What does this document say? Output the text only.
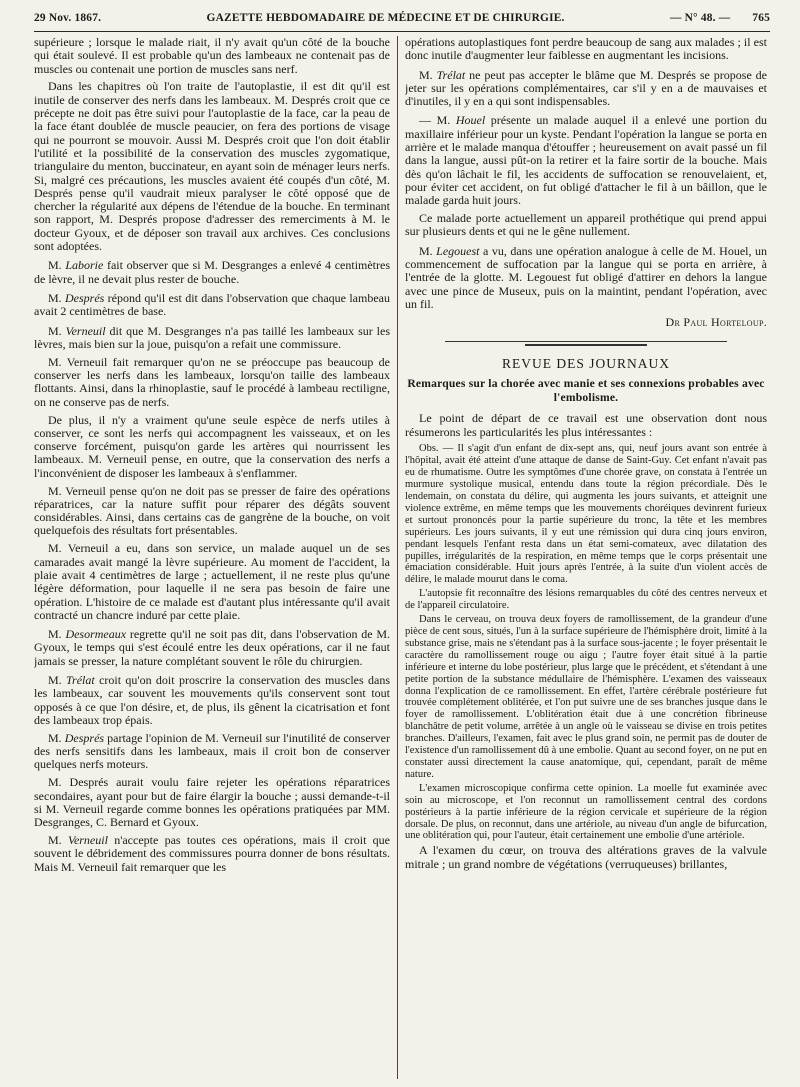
29 Nov. 1867.	GAZETTE HEBDOMADAIRE DE MÉDECINE ET DE CHIRURGIE.	— N° 48. — 765

supérieure ; lorsque le malade riait, il n'y avait qu'un côté de la bouche qui était soulevé. Il est probable qu'un des lambeaux ne contenait pas de muscles ou contenait une portion de muscles sans nerf.

Dans les chapitres où l'on traite de l'autoplastie, il est dit qu'il est inutile de conserver des nerfs dans les lambeaux. M. Després croit que ce précepte ne doit pas être suivi pour l'autoplastie de la face, car la peau de la face étant doublée de muscle peaucier, on fera des portions de visage qui ne pourront se mouvoir. Aussi M. Després croit que l'on doit établir l'utilité et la possibilité de la conservation des muscles zygomatique, triangulaire du menton, buccinateur, en ayant soin de ménager leurs nerfs. Si, malgré ces précautions, les muscles avaient été coupés d'un côté, M. Després pense qu'il vaudrait mieux paralyser le côté opposé que de chercher la régularité aux dépens de l'étendue de la bouche. En terminant son rapport, M. Després propose d'adresser des remerciments à M. le docteur Gyoux, et de déposer son travail aux archives. Ces conclusions sont adoptées.

M. Laborie fait observer que si M. Desgranges a enlevé 4 centimètres de lèvre, il ne devait plus rester de bouche.

M. Després répond qu'il est dit dans l'observation que chaque lambeau avait 2 centimètres de base.

M. Verneuil dit que M. Desgranges n'a pas taillé les lambeaux sur les lèvres, mais bien sur la joue, puisqu'on a refait une commissure.

M. Verneuil fait remarquer qu'on ne se préoccupe pas beaucoup de conserver les nerfs dans les lambeaux, lorsqu'on taille des lambeaux flottants. Ainsi, dans la rhinoplastie, sauf le procédé à lambeau rectiligne, on ne conserve pas de nerfs.

De plus, il n'y a vraiment qu'une seule espèce de nerfs utiles à conserver, ce sont les nerfs qui accompagnent les vaisseaux, et on les conserve forcément, puisqu'on garde les artères qui nourrissent les lambeaux. M. Verneuil pense, en outre, que la conservation des nerfs a l'inconvénient de disposer les lambeaux à s'enflammer.

M. Verneuil pense qu'on ne doit pas se presser de faire des opérations réparatrices, car la nature suffit pour réparer des dégâts souvent considérables. Ainsi, dans certains cas de gangrène de la bouche, on voit quelquefois des résultats fort présentables.

M. Verneuil a eu, dans son service, un malade auquel un de ses camarades avait mangé la lèvre supérieure. Au moment de l'accident, la plaie avait 4 centimètres de large ; actuellement, il ne reste plus qu'une légère déformation, pour laquelle il ne sera pas besoin de faire une opération. L'histoire de ce malade est d'autant plus intéressante qu'il avait contracté un chancre induré par cette plaie.

M. Desormeaux regrette qu'il ne soit pas dit, dans l'observation de M. Gyoux, le temps qui s'est écoulé entre les deux opérations, car il ne faut jamais se presser, la nature complétant souvent le rôle du chirurgien.

M. Trélat croit qu'on doit proscrire la conservation des muscles dans les lambeaux, car souvent les mouvements qu'ils conservent sont tout opposés à ce que l'on désire, et, de plus, ils gênent la cicatrisation et font des lambeaux trop épais.

M. Després partage l'opinion de M. Verneuil sur l'inutilité de conserver des nerfs sensitifs dans les lambeaux, mais il croit bon de conserver quelques nerfs moteurs.

M. Després aurait voulu faire rejeter les opérations réparatrices secondaires, ayant pour but de faire élargir la bouche ; aussi demande-t-il si M. Verneuil regarde comme bonnes les opérations pratiquées par MM. Desgranges, C. Bernard et Gyoux.

M. Verneuil n'accepte pas toutes ces opérations, mais il croit que souvent le débridement des commissures pourra donner de bons résultats. Mais M. Verneuil fait remarquer que les

opérations autoplastiques font perdre beaucoup de sang aux malades ; il est donc inutile d'augmenter leur faiblesse en augmentant les incisions.

M. Trélat ne peut pas accepter le blâme que M. Després se propose de jeter sur les opérations complémentaires, car s'il y en a de mauvaises et d'inutiles, il y en a qui sont indispensables.

— M. Houel présente un malade auquel il a enlevé une portion du maxillaire inférieur pour un kyste. Pendant l'opération la langue se porta en arrière et le malade manqua d'étouffer ; heureusement on avait passé un fil dans la langue, aussi pût-on la retirer et la faire sortir de la bouche. Mais dès qu'on lâchait le fil, les accidents de suffocation se renouvelaient, et, pour éviter cet accident, on fut obligé d'attacher le fil à un bâillon, que le malade garda huit jours.

Ce malade porte actuellement un appareil prothétique qui prend appui sur plusieurs dents et qui ne le gêne nullement.

M. Legouest a vu, dans une opération analogue à celle de M. Houel, un commencement de suffocation par la langue qui se porta en arrière, à l'entrée de la glotte. M. Legouest fut obligé d'attirer en dehors la langue avec une pince de Museux, puis on la maintint, pendant l'opération, avec un fil.

Dr Paul Horteloup.
REVUE DES JOURNAUX
Remarques sur la chorée avec manie et ses connexions probables avec l'embolisme.

Le point de départ de ce travail est une observation dont nous résumerons les particularités les plus intéressantes :

Obs. — Il s'agit d'un enfant de dix-sept ans, qui, neuf jours avant son entrée à l'hôpital, avait été atteint d'une attaque de danse de Saint-Guy. Cet enfant n'avait pas eu de rhumatisme. Outre les symptômes d'une chorée grave, on constata à l'entrée un murmure systolique musical, entendu dans toute la région précordiale. Dès le lendemain, on constata du délire, qui augmenta les jours suivants, et atteignit une violence extrême, en même temps que les mouvements choréiques devinrent furieux et surtout prononcés pour la partie supérieure du tronc, la tête et les membres supérieurs. Les jours suivants, il y eut une rémission qui dura cinq jours environ, pendant lesquels l'enfant resta dans un état semi-comateux, avec dilatation des pupilles, irrégularités de la respiration, en même temps que le corps présentait une émaciation considérable. Huit jours après l'entrée, à la suite d'un violent accès de délire, le malade mourut dans le coma.

L'autopsie fit reconnaître des lésions remarquables du côté des centres nerveux et de l'appareil circulatoire.

Dans le cerveau, on trouva deux foyers de ramollissement, de la grandeur d'une pièce de cent sous, situés, l'un à la surface supérieure de l'hémisphère droit, limité à la substance grise, mais ne s'étendant pas à la surface sous-jacente ; le foyer présentait le caractère du ramollissement rouge ou aigu ; l'autre foyer était situé à la partie inférieure et interne du lobe postérieur, plus large que le précédent, et s'étendant à une petite portion de la substance médullaire de l'hémisphère. L'examen des vaisseaux donna l'explication de ce ramollissement. En effet, l'artère cérébrale postérieure fut trouvée complétement oblitérée, et l'on put suivre une de ses branches jusque dans le foyer de ramollissement. L'oblitération était due à une concrétion fibrineuse blanchâtre de petit volume, arrêtée à un angle où le vaisseau se divise en trois petites branches. D'ailleurs, l'examen, fait avec le plus grand soin, ne permit pas de douter de l'existence d'un ramollissement dû à une embolie. Quant au second foyer, on ne put en constater aussi directement la cause anatomique, qui, cependant, paraît de même nature.

L'examen microscopique confirma cette opinion. La moelle fut examinée avec soin au microscope, et l'on reconnut un ramollissement central des cordons postérieurs à la partie inférieure de la région cervicale et supérieure de la région dorsale. De plus, on reconnut, dans une artériole, au niveau d'un angle de bifurcation, une oblitération qui, pour l'auteur, était certainement une embolie d'une artériole.

A l'examen du cœur, on trouva des altérations graves de la valvule mitrale ; un grand nombre de végétations (verruqueuses) brillantes,
